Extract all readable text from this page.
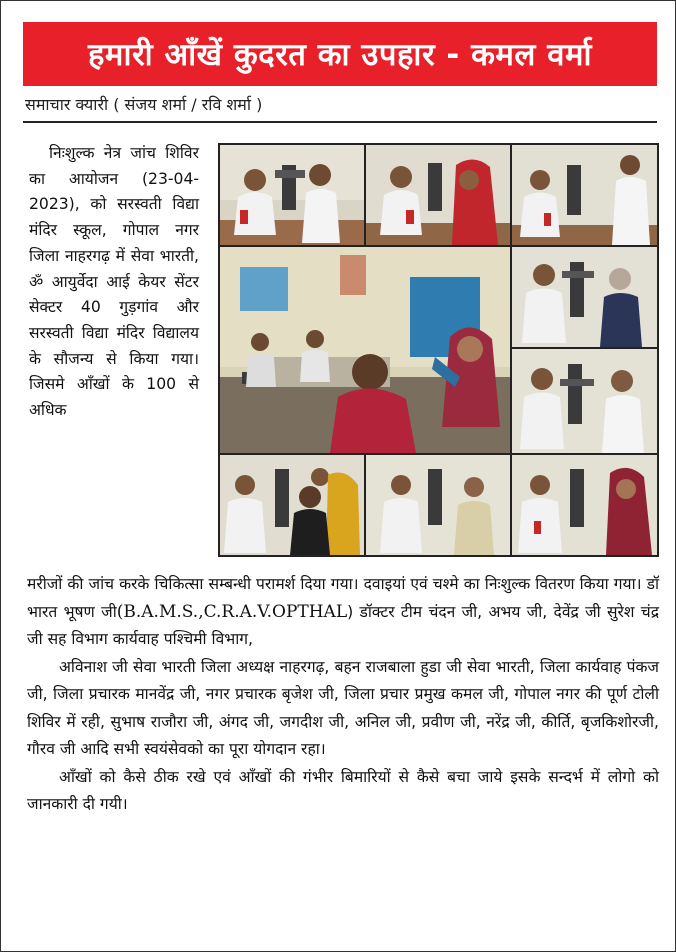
हमारी आँखें कुदरत का उपहार - कमल वर्मा
समाचार क्यारी ( संजय शर्मा / रवि शर्मा )

निःशुल्क नेत्र जांच शिविर का आयोजन (23-04-2023), को सरस्वती विद्या मंदिर स्कूल, गोपाल नगर जिला नाहरगढ़ में सेवा भारती, ॐ आयुर्वेदा आई केयर सेंटर सेक्टर 40 गुड़गांव और सरस्वती विद्या मंदिर विद्यालय के सौजन्य से किया गया। जिसमे आँखों के 100 से अधिक

मरीजों की जांच करके चिकित्सा सम्बन्धी परामर्श दिया गया। दवाइयां एवं चश्मे का निःशुल्क वितरण किया गया। डॉ भारत भूषण जी(B.A.M.S.,C.R.A.V.OPTHAL) डॉक्टर टीम चंदन जी, अभय जी, देवेंद्र जी सुरेश चंद्र जी सह विभाग कार्यवाह पश्चिमी विभाग,

अविनाश जी सेवा भारती जिला अध्यक्ष नाहरगढ़, बहन राजबाला हुडा जी सेवा भारती, जिला कार्यवाह पंकज जी, जिला प्रचारक मानवेंद्र जी, नगर प्रचारक बृजेश जी, जिला प्रचार प्रमुख कमल जी, गोपाल नगर की पूर्ण टोली शिविर में रही, सुभाष राजौरा जी, अंगद जी, जगदीश जी, अनिल जी, प्रवीण जी, नरेंद्र जी, कीर्ति, बृजकिशोरजी, गौरव जी आदि सभी स्वयंसेवको का पूरा योगदान रहा।

आँखों को कैसे ठीक रखे एवं आँखों की गंभीर बिमारियों से कैसे बचा जाये इसके सन्दर्भ में लोगो को जानकारी दी गयी।
